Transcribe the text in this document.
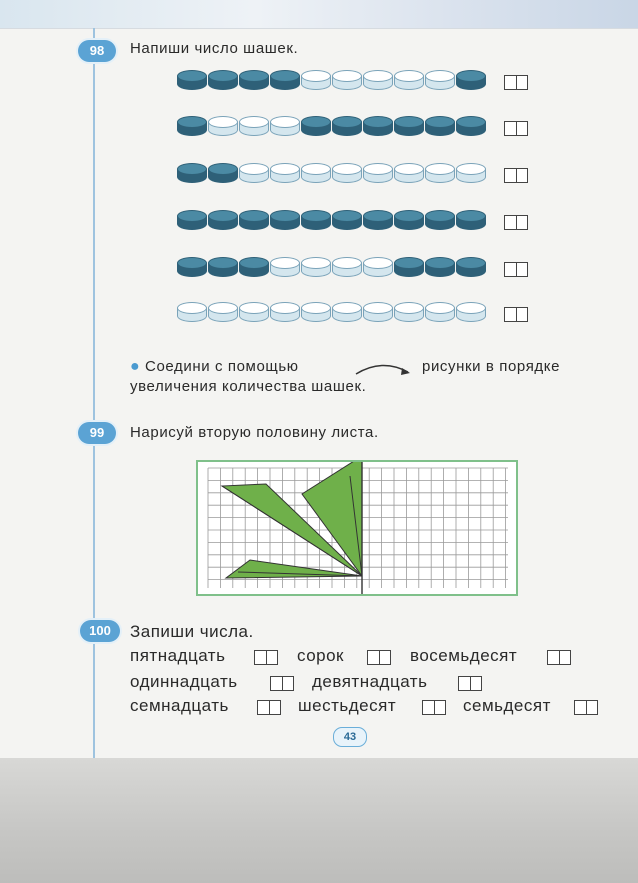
98	Напиши число шашек.
● Соедини с помощью	рисунки в порядке
увеличения количества шашек.
99	Нарисуй вторую половину листа.
100	Запиши числа.
пятнадцать	сорок	восемьдесят
одиннадцать	девятнадцать
семнадцать	шестьдесят	семьдесят
43
